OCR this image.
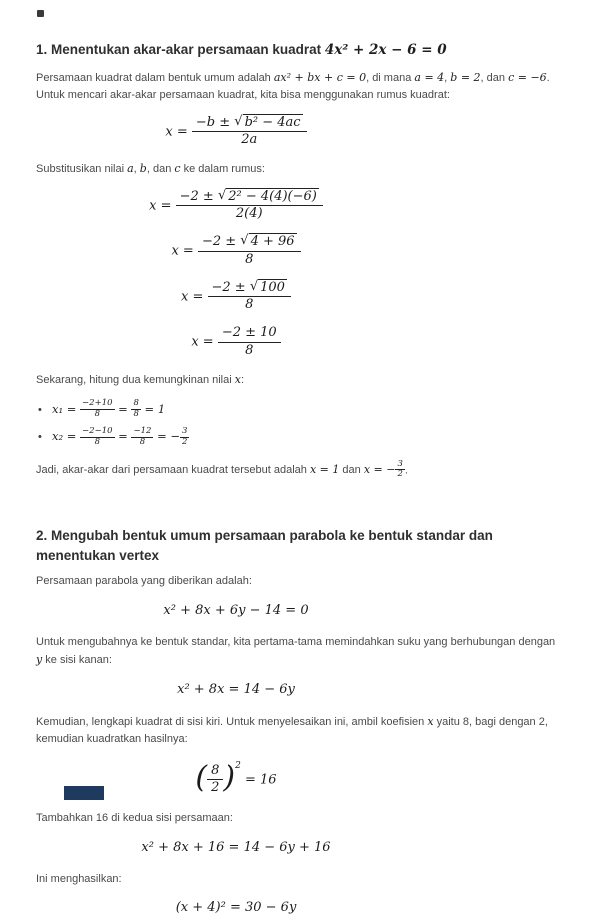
1. Menentukan akar-akar persamaan kuadrat 4x² + 2x − 6 = 0

Persamaan kuadrat dalam bentuk umum adalah ax² + bx + c = 0, di mana a = 4, b = 2, dan c = −6. Untuk mencari akar-akar persamaan kuadrat, kita bisa menggunakan rumus kuadrat:

$x = \frac{\text{−b ± √ b² − 4ac}}{2a}$

Substitusikan nilai a, b, dan c ke dalam rumus:

$x = \frac{\text{−2 ± √ 2² − 4(4)(−6)}}{2(4)}$
$x = \frac{-2 \pm √ 4 + 96}{8}$
$x = \frac{-2 \pm √ 100}{8}$
$x = \frac{-2 \pm 10}{8}$

Sekarang, hitung dua kemungkinan nilai x:

• $x_1 = \frac{-2+10}{8} = \frac{8}{8} = 1$
• $x_2 = \frac{-2-10}{8} = \frac{-12}{8}$ = − $\frac{3}{2}$

Jadi, akar-akar dari persamaan kuadrat tersebut adalah x = 1 dan x = − $\frac{3}{2}$ .

2. Mengubah bentuk umum persamaan parabola ke bentuk standar dan menentukan vertex

Persamaan parabola yang diberikan adalah:

x² + 8x + 6y − 14 = 0

Untuk mengubahnya ke bentuk standar, kita pertama-tama memindahkan suku yang berhubungan dengan y ke sisi kanan:

x² + 8x = 14 − 6y

Kemudian, lengkapi kuadrat di sisi kiri. Untuk menyelesaikan ini, ambil koefisien x yaitu 8, bagi dengan 2, kemudian kuadratkan hasilnya:

( $\frac{8}{2} )^2 = 16$

Tambahkan 16 di kedua sisi persamaan:

x² + 8x + 16 = 14 − 6y + 16

Ini menghasilkan:

(x + 4)² = 30 − 6y
